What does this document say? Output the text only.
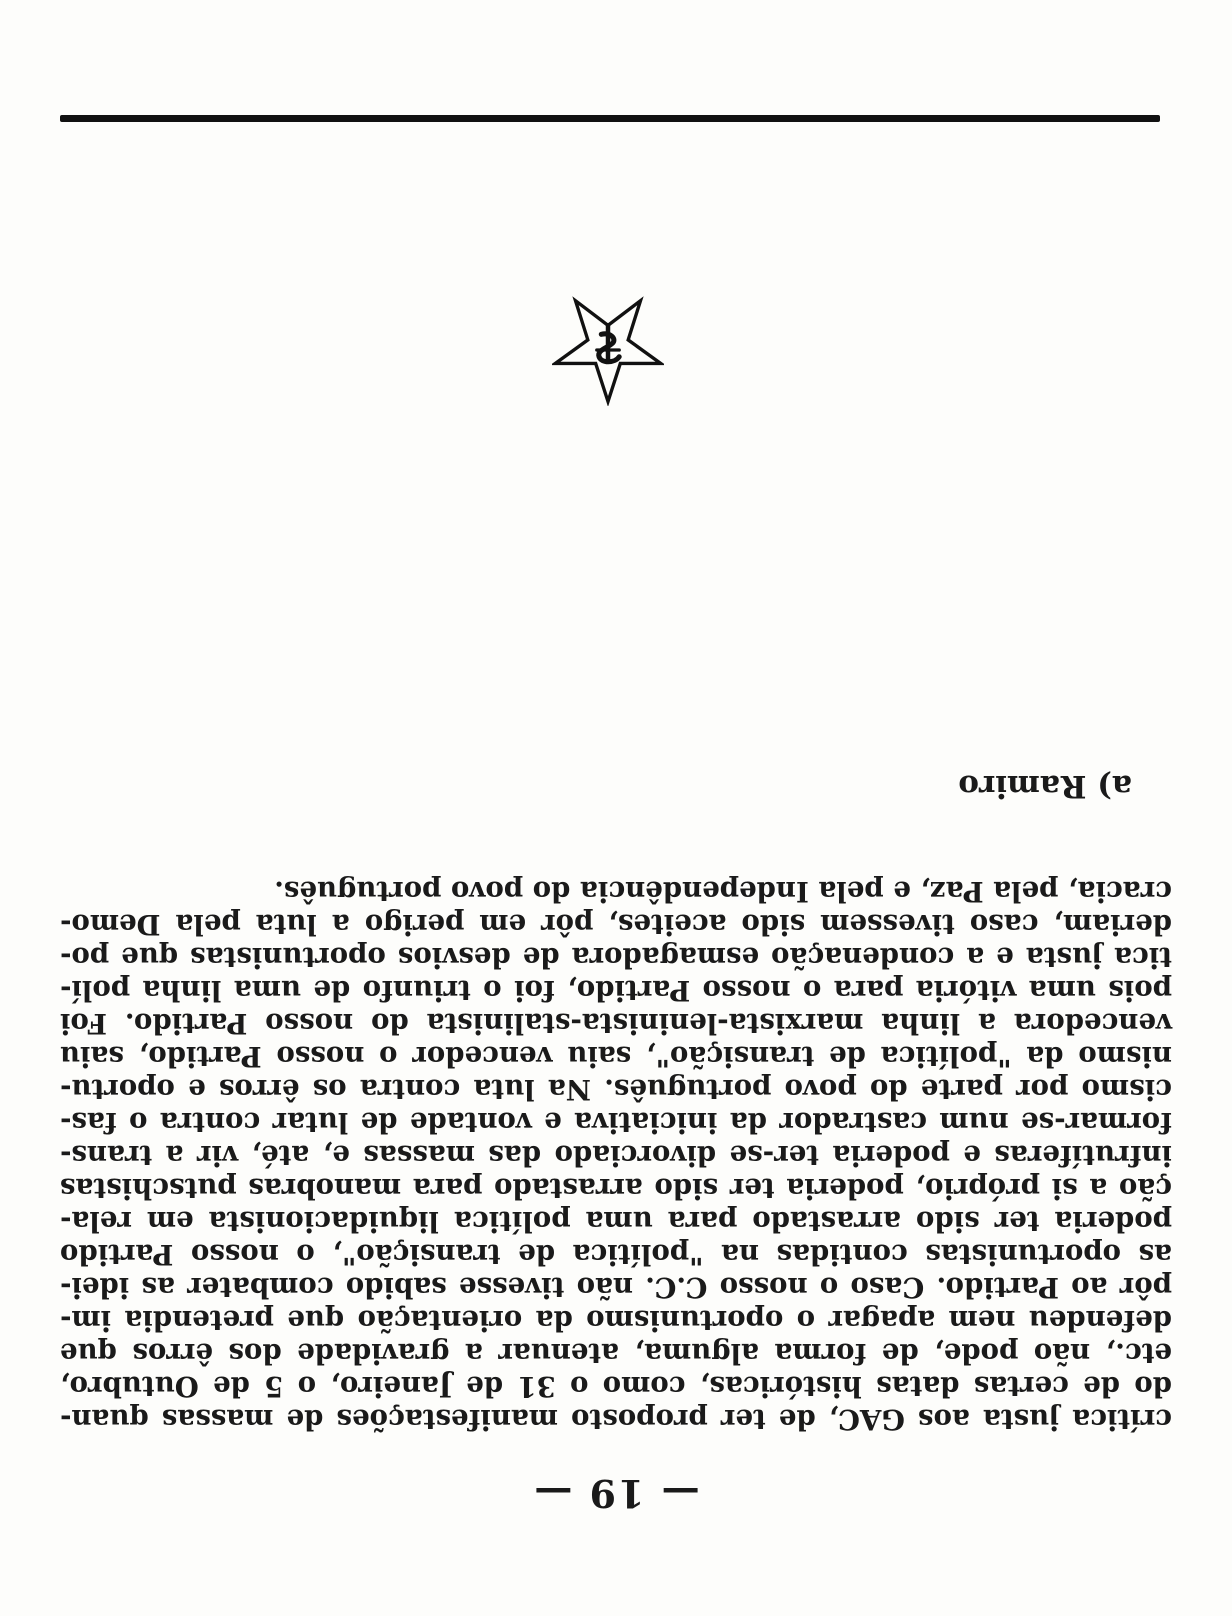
— 19 —

crítica justa aos GAC, de ter proposto manifestações de massas quan-
do de certas datas históricas, como o 31 de Janeiro, o 5 de Outubro,
etc., não pode, de forma alguma, atenuar a gravidade dos êrros que
defendeu nem apagar o oportunismo da orientação que pretendia im-
pôr ao Partido. Caso o nosso C.C. não tivesse sabido combater as idei-
as oportunistas contidas na "política de transição", o nosso Partido
poderia ter sido arrastado para uma política liquidacionista em rela-
ção a si próprio, poderia ter sido arrastado para manobras putschistas
infrutíferas e poderia ter-se divorciado das massas e, até, vir a trans-
formar-se num castrador da iniciativa e vontade de lutar contra o fas-
cismo por parte do povo português. Na luta contra os êrros e oportu-
nismo da "política de transição", saiu vencedor o nosso Partido, saiu
vencedora a linha marxista-leninista-stalinista do nosso Partido. Foi
pois uma vitória para o nosso Partido, foi o triunfo de uma linha polí-
tica justa e a condenação esmagadora de desvios oportunistas que po-
deriam, caso tivessem sido aceites, pôr em perigo a luta pela Demo-
cracia, pela Paz, e pela Independência do povo português.

a) Ramiro
